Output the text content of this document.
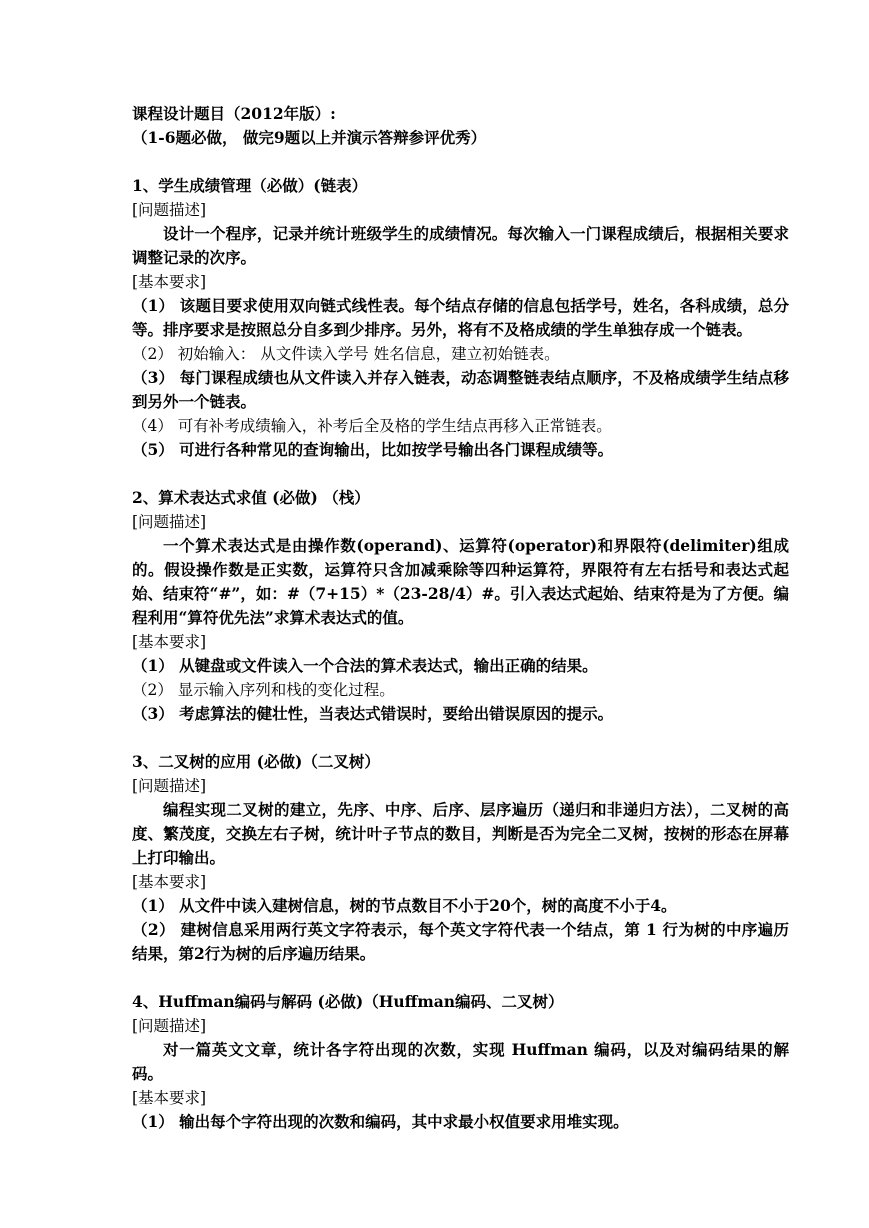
课程设计题目（2012年版）:
（1-6题必做， 做完9题以上并演示答辩参评优秀）
1、学生成绩管理（必做）(链表）
[问题描述]
设计一个程序，记录并统计班级学生的成绩情况。每次输入一门课程成绩后，根据相关要求调整记录的次序。
[基本要求]
（1） 该题目要求使用双向链式线性表。每个结点存储的信息包括学号，姓名，各科成绩，总分等。排序要求是按照总分自多到少排序。另外，将有不及格成绩的学生单独存成一个链表。
（2） 初始输入： 从文件读入学号 姓名信息，建立初始链表。
（3） 每门课程成绩也从文件读入并存入链表，动态调整链表结点顺序，不及格成绩学生结点移到另外一个链表。
（4） 可有补考成绩输入，补考后全及格的学生结点再移入正常链表。
（5） 可进行各种常见的查询输出，比如按学号输出各门课程成绩等。
2、算术表达式求值 (必做) （栈）
[问题描述]
一个算术表达式是由操作数(operand)、运算符(operator)和界限符(delimiter)组成的。假设操作数是正实数，运算符只含加减乘除等四种运算符，界限符有左右括号和表达式起始、结束符“#”，如：#（7+15）*（23-28/4）#。引入表达式起始、结束符是为了方便。编程利用“算符优先法”求算术表达式的值。
[基本要求]
（1） 从键盘或文件读入一个合法的算术表达式，输出正确的结果。
（2） 显示输入序列和栈的变化过程。
（3） 考虑算法的健壮性，当表达式错误时，要给出错误原因的提示。
3、二叉树的应用 (必做)（二叉树）
[问题描述]
编程实现二叉树的建立，先序、中序、后序、层序遍历（递归和非递归方法），二叉树的高度、繁茂度，交换左右子树，统计叶子节点的数目，判断是否为完全二叉树，按树的形态在屏幕上打印输出。
[基本要求]
（1） 从文件中读入建树信息，树的节点数目不小于20个，树的高度不小于4。
（2） 建树信息采用两行英文字符表示，每个英文字符代表一个结点，第 1 行为树的中序遍历结果，第2行为树的后序遍历结果。
4、Huffman编码与解码 (必做)（Huffman编码、二叉树）
[问题描述]
对一篇英文文章，统计各字符出现的次数，实现 Huffman 编码，以及对编码结果的解码。
[基本要求]
（1） 输出每个字符出现的次数和编码，其中求最小权值要求用堆实现。
